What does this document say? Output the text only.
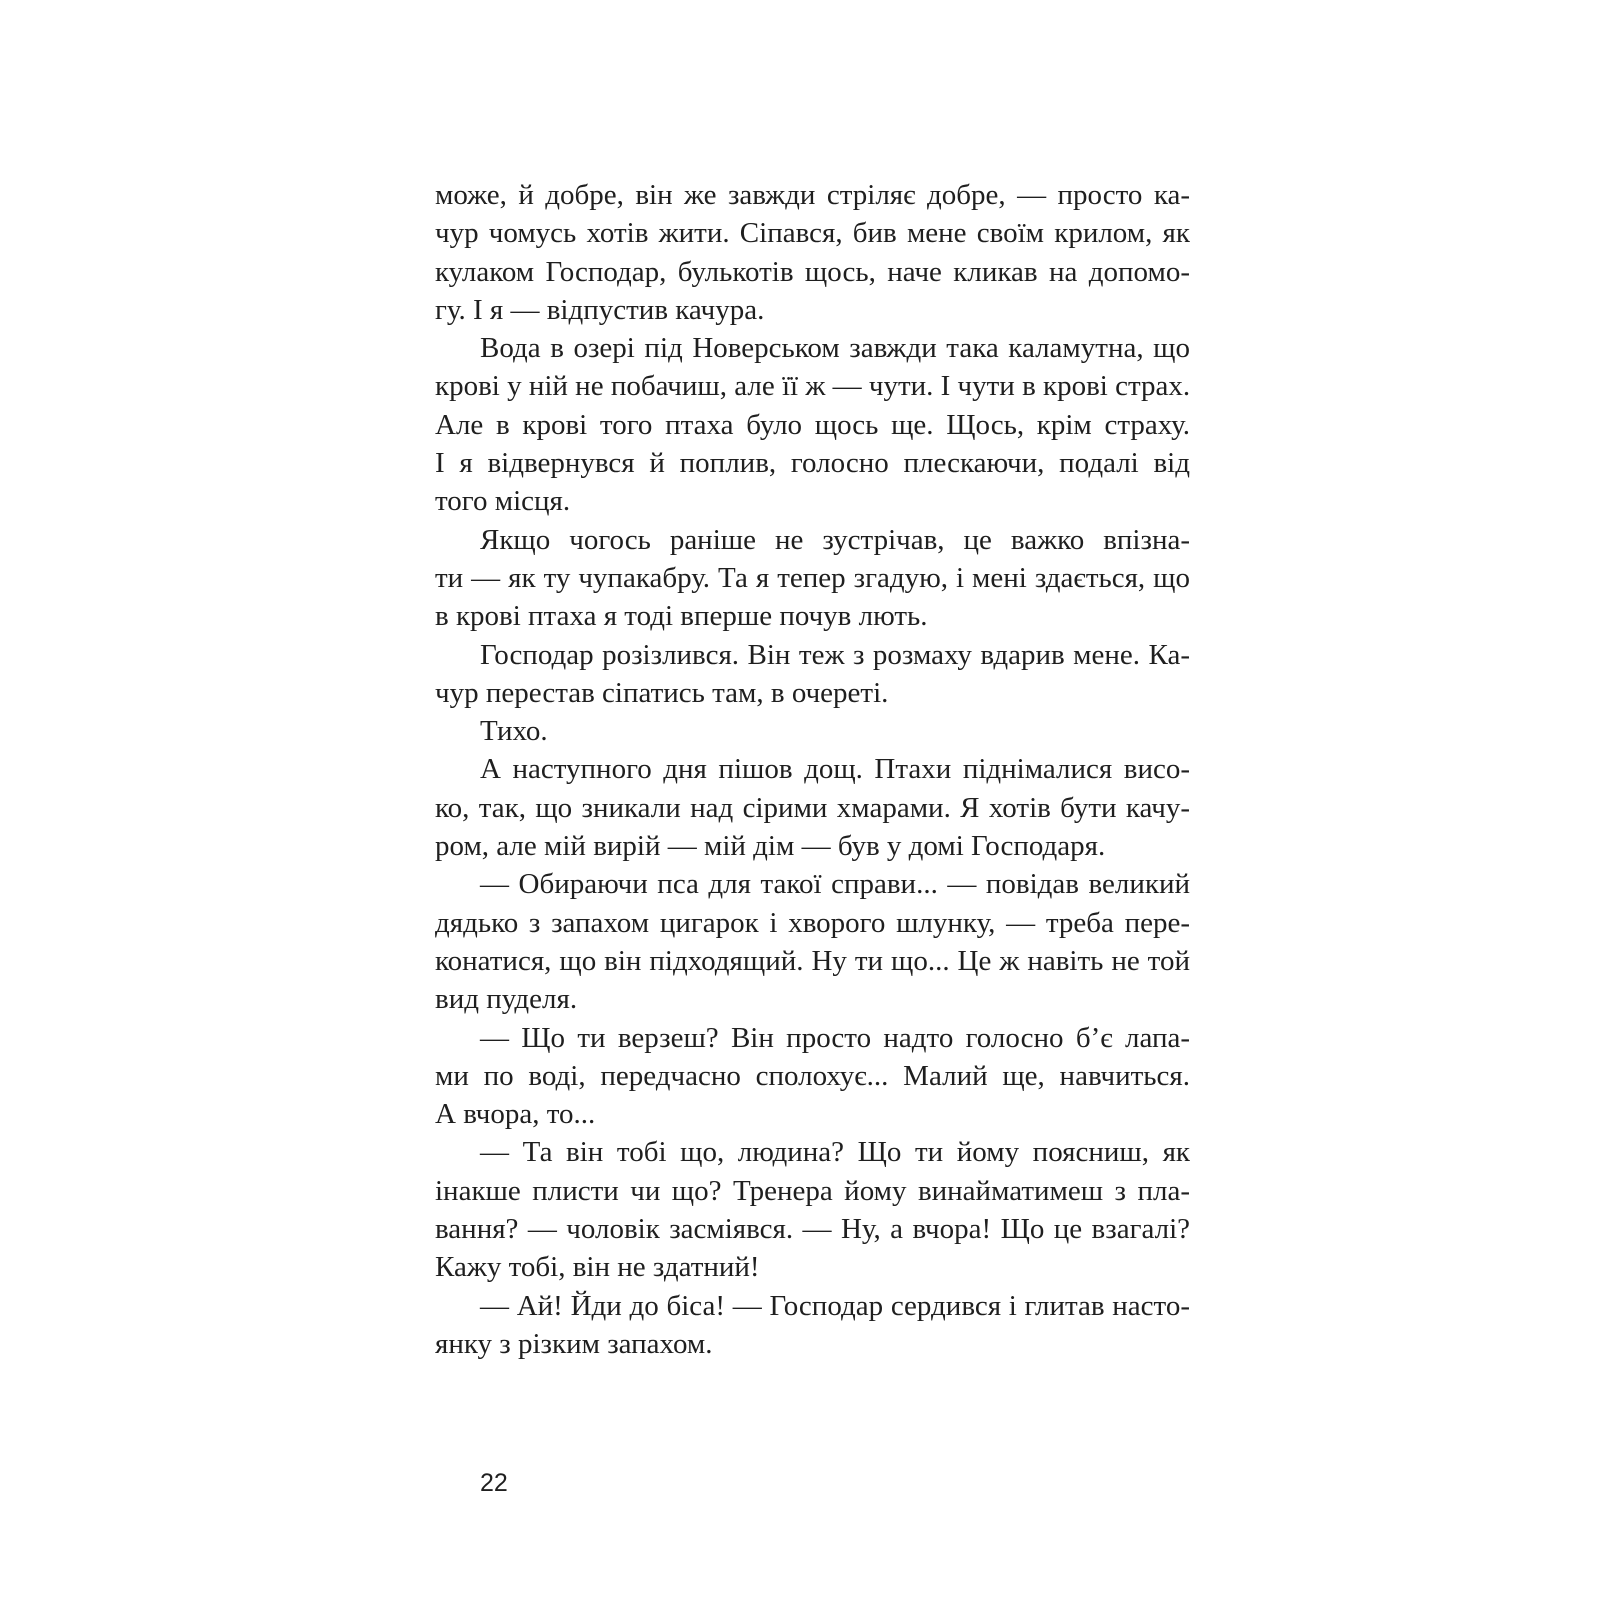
може, й добре, він же завжди стріляє добре, — просто ка-
чур чомусь хотів жити. Сіпався, бив мене своїм крилом, як
кулаком Господар, булькотів щось, наче кликав на допомо-
гу. І я — відпустив качура.
Вода в озері під Новерськом завжди така каламутна, що
крові у ній не побачиш, але її ж — чути. І чути в крові страх.
Але в крові того птаха було щось ще. Щось, крім страху.
І я відвернувся й поплив, голосно плескаючи, подалі від
того місця.
Якщо чогось раніше не зустрічав, це важко впізна-
ти — як ту чупакабру. Та я тепер згадую, і мені здається, що
в крові птаха я тоді вперше почув лють.
Господар розізлився. Він теж з розмаху вдарив мене. Ка-
чур перестав сіпатись там, в очереті.
Тихо.
А наступного дня пішов дощ. Птахи піднімалися висо-
ко, так, що зникали над сірими хмарами. Я хотів бути качу-
ром, але мій вирій — мій дім — був у домі Господаря.
— Обираючи пса для такої справи... — повідав великий
дядько з запахом цигарок і хворого шлунку, — треба пере-
конатися, що він підходящий. Ну ти що... Це ж навіть не той
вид пуделя.
— Що ти верзеш? Він просто надто голосно б’є лапа-
ми по воді, передчасно сполохує... Малий ще, навчиться.
А вчора, то...
— Та він тобі що, людина? Що ти йому поясниш, як
інакше плисти чи що? Тренера йому винайматимеш з пла-
вання? — чоловік засміявся. — Ну, а вчора! Що це взагалі?
Кажу тобі, він не здатний!
— Ай! Йди до біса! — Господар сердився і глитав насто-
янку з різким запахом.
22
